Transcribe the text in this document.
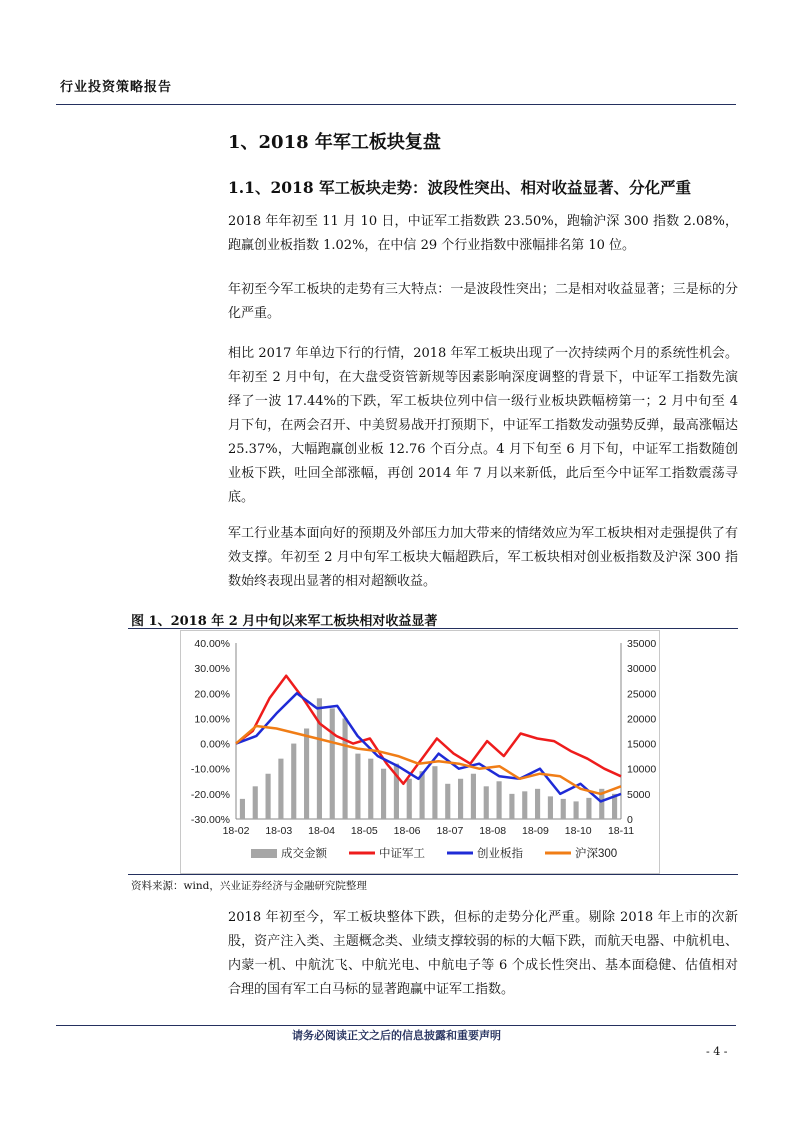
行业投资策略报告
1、2018 年军工板块复盘
1.1、2018 军工板块走势：波段性突出、相对收益显著、分化严重

2018 年年初至 11 月 10 日，中证军工指数跌 23.50%，跑输沪深 300 指数 2.08%，跑赢创业板指数 1.02%，在中信 29 个行业指数中涨幅排名第 10 位。

年初至今军工板块的走势有三大特点：一是波段性突出；二是相对收益显著；三是标的分化严重。

相比 2017 年单边下行的行情，2018 年军工板块出现了一次持续两个月的系统性机会。年初至 2 月中旬，在大盘受资管新规等因素影响深度调整的背景下，中证军工指数先演绎了一波 17.44%的下跌，军工板块位列中信一级行业板块跌幅榜第一；2 月中旬至 4 月下旬，在两会召开、中美贸易战开打预期下，中证军工指数发动强势反弹，最高涨幅达 25.37%，大幅跑赢创业板 12.76 个百分点。4 月下旬至 6 月下旬，中证军工指数随创业板下跌，吐回全部涨幅，再创 2014 年 7 月以来新低，此后至今中证军工指数震荡寻底。

军工行业基本面向好的预期及外部压力加大带来的情绪效应为军工板块相对走强提供了有效支撑。年初至 2 月中旬军工板块大幅超跌后，军工板块相对创业板指数及沪深 300 指数始终表现出显著的相对超额收益。

图 1、2018 年 2 月中旬以来军工板块相对收益显著
40.00%
30.00%
20.00%
10.00%
0.00%
-10.00%
-20.00%
-30.00%
35000
30000
25000
20000
15000
10000
5000
0
18-02 18-03 18-04 18-05 18-06 18-07 18-08 18-09 18-10 18-11
成交金额	中证军工	创业板指	沪深300
资料来源：wind，兴业证券经济与金融研究院整理

2018 年初至今，军工板块整体下跌，但标的走势分化严重。剔除 2018 年上市的次新股，资产注入类、主题概念类、业绩支撑较弱的标的大幅下跌，而航天电器、中航机电、内蒙一机、中航沈飞、中航光电、中航电子等 6 个成长性突出、基本面稳健、估值相对合理的国有军工白马标的显著跑赢中证军工指数。

请务必阅读正文之后的信息披露和重要声明
- 4 -
